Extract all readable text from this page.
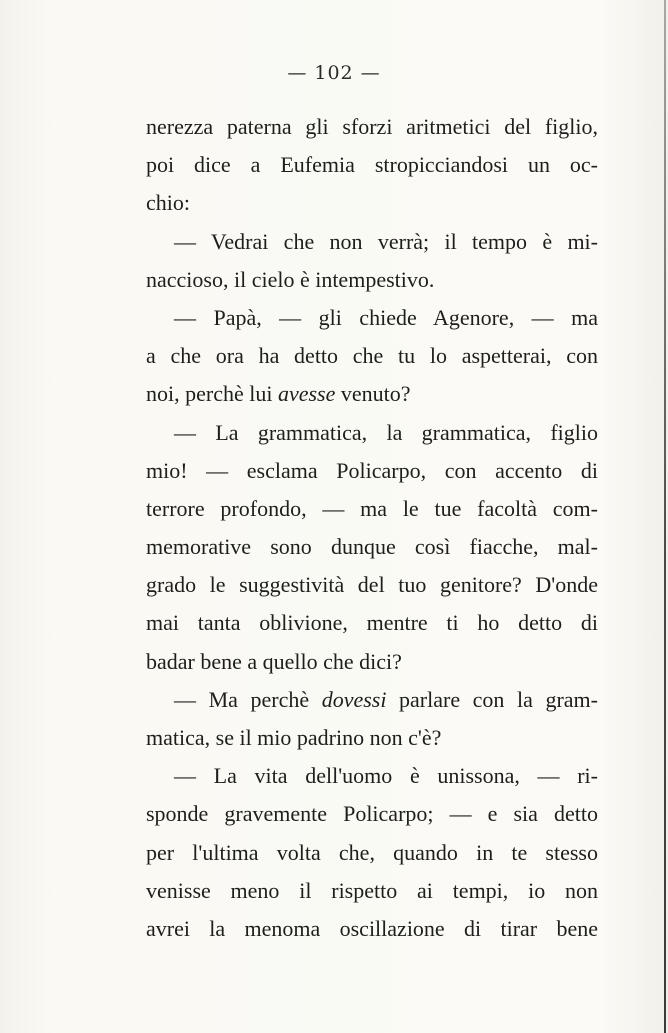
— 102 —
nerezza paterna gli sforzi aritmetici del figlio,
poi dice a Eufemia stropicciandosi un oc-
chio:
— Vedrai che non verrà; il tempo è mi-
naccioso, il cielo è intempestivo.
— Papà, — gli chiede Agenore, — ma
a che ora ha detto che tu lo aspetterai, con
noi, perchè lui avesse venuto?
— La grammatica, la grammatica, figlio
mio! — esclama Policarpo, con accento di
terrore profondo, — ma le tue facoltà com-
memorative sono dunque così fiacche, mal-
grado le suggestività del tuo genitore? D'onde
mai tanta oblivione, mentre ti ho detto di
badar bene a quello che dici?
— Ma perchè dovessi parlare con la gram-
matica, se il mio padrino non c'è?
— La vita dell'uomo è unissona, — ri-
sponde gravemente Policarpo; — e sia detto
per l'ultima volta che, quando in te stesso
venisse meno il rispetto ai tempi, io non
avrei la menoma oscillazione di tirar bene
